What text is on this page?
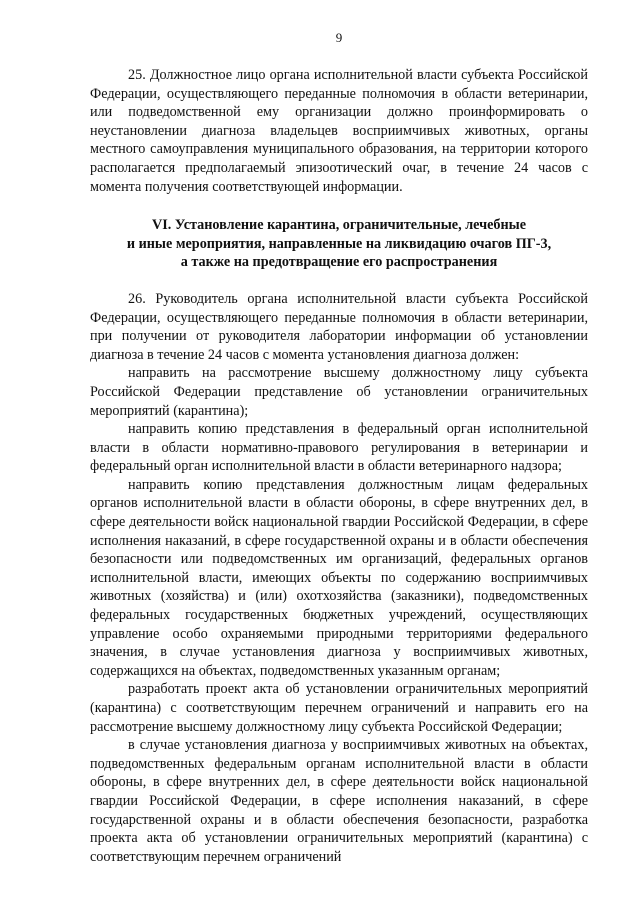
9

25. Должностное лицо органа исполнительной власти субъекта Российской Федерации, осуществляющего переданные полномочия в области ветеринарии, или подведомственной ему организации должно проинформировать о неустановлении диагноза владельцев восприимчивых животных, органы местного самоуправления муниципального образования, на территории которого располагается предполагаемый эпизоотический очаг, в течение 24 часов с момента получения соответствующей информации.

VI. Установление карантина, ограничительные, лечебные
и иные мероприятия, направленные на ликвидацию очагов ПГ-3,
а также на предотвращение его распространения

26. Руководитель органа исполнительной власти субъекта Российской Федерации, осуществляющего переданные полномочия в области ветеринарии, при получении от руководителя лаборатории информации об установлении диагноза в течение 24 часов с момента установления диагноза должен:

направить на рассмотрение высшему должностному лицу субъекта Российской Федерации представление об установлении ограничительных мероприятий (карантина);

направить копию представления в федеральный орган исполнительной власти в области нормативно-правового регулирования в ветеринарии и федеральный орган исполнительной власти в области ветеринарного надзора;

направить копию представления должностным лицам федеральных органов исполнительной власти в области обороны, в сфере внутренних дел, в сфере деятельности войск национальной гвардии Российской Федерации, в сфере исполнения наказаний, в сфере государственной охраны и в области обеспечения безопасности или подведомственных им организаций, федеральных органов исполнительной власти, имеющих объекты по содержанию восприимчивых животных (хозяйства) и (или) охотхозяйства (заказники), подведомственных федеральных государственных бюджетных учреждений, осуществляющих управление особо охраняемыми природными территориями федерального значения, в случае установления диагноза у восприимчивых животных, содержащихся на объектах, подведомственных указанным органам;

разработать проект акта об установлении ограничительных мероприятий (карантина) с соответствующим перечнем ограничений и направить его на рассмотрение высшему должностному лицу субъекта Российской Федерации;

в случае установления диагноза у восприимчивых животных на объектах, подведомственных федеральным органам исполнительной власти в области обороны, в сфере внутренних дел, в сфере деятельности войск национальной гвардии Российской Федерации, в сфере исполнения наказаний, в сфере государственной охраны и в области обеспечения безопасности, разработка проекта акта об установлении ограничительных мероприятий (карантина) с соответствующим перечнем ограничений
